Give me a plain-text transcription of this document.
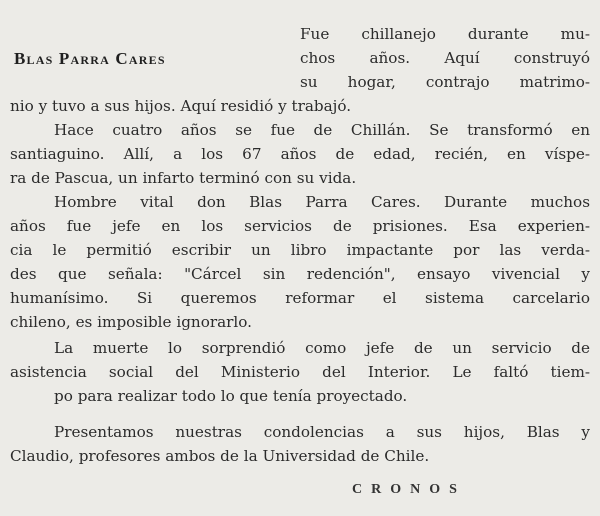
Blas Parra Cares
Fue chillanejo durante mu-
chos años. Aquí construyó
su hogar, contrajo matrimo-
nio y tuvo a sus hijos. Aquí residió y trabajó.
Hace cuatro años se fue de Chillán. Se transformó en
santiaguino. Allí, a los 67 años de edad, recién, en víspe-
ra de Pascua, un infarto terminó con su vida.
Hombre vital don Blas Parra Cares. Durante muchos
años fue jefe en los servicios de prisiones. Esa experien-
cia le permitió escribir un libro impactante por las verda-
des que señala: "Cárcel sin redención", ensayo vivencial y
humanísimo. Si queremos reformar el sistema carcelario
chileno, es imposible ignorarlo.
La muerte lo sorprendió como jefe de un servicio de
asistencia social del Ministerio del Interior. Le faltó tiem-
po para realizar todo lo que tenía proyectado.
Presentamos nuestras condolencias a sus hijos, Blas y
Claudio, profesores ambos de la Universidad de Chile.
CRONOS
